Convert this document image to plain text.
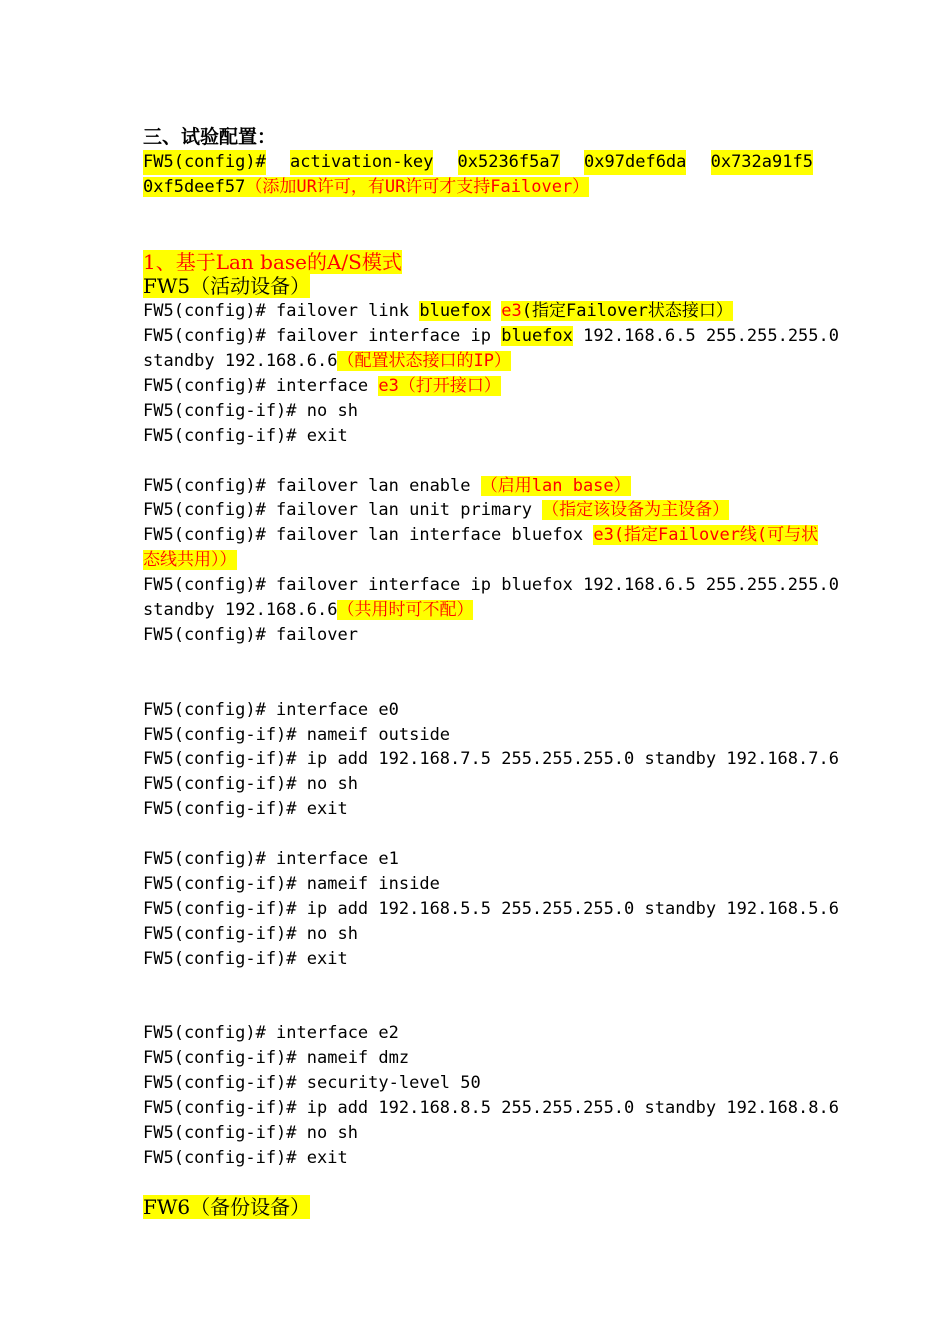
三、试验配置：
FW5(config)# activation-key 0x5236f5a7 0x97def6da 0x732a91f5
0xf5deef57（添加UR许可，有UR许可才支持Failover）
1、基于Lan base的A/S模式
FW5（活动设备）
FW5(config)# failover link bluefox e3(指定Failover状态接口）
FW5(config)# failover interface ip bluefox 192.168.6.5 255.255.255.0
standby 192.168.6.6（配置状态接口的IP）
FW5(config)# interface e3（打开接口）
FW5(config-if)# no sh
FW5(config-if)# exit
FW5(config)# failover lan enable （启用lan base）
FW5(config)# failover lan unit primary （指定该设备为主设备）
FW5(config)# failover lan interface bluefox e3(指定Failover线(可与状
态线共用））
FW5(config)# failover interface ip bluefox 192.168.6.5 255.255.255.0
standby 192.168.6.6（共用时可不配）
FW5(config)# failover
FW5(config)# interface e0
FW5(config-if)# nameif outside
FW5(config-if)# ip add 192.168.7.5 255.255.255.0 standby 192.168.7.6
FW5(config-if)# no sh
FW5(config-if)# exit
FW5(config)# interface e1
FW5(config-if)# nameif inside
FW5(config-if)# ip add 192.168.5.5 255.255.255.0 standby 192.168.5.6
FW5(config-if)# no sh
FW5(config-if)# exit
FW5(config)# interface e2
FW5(config-if)# nameif dmz
FW5(config-if)# security-level 50
FW5(config-if)# ip add 192.168.8.5 255.255.255.0 standby 192.168.8.6
FW5(config-if)# no sh
FW5(config-if)# exit
FW6（备份设备）
